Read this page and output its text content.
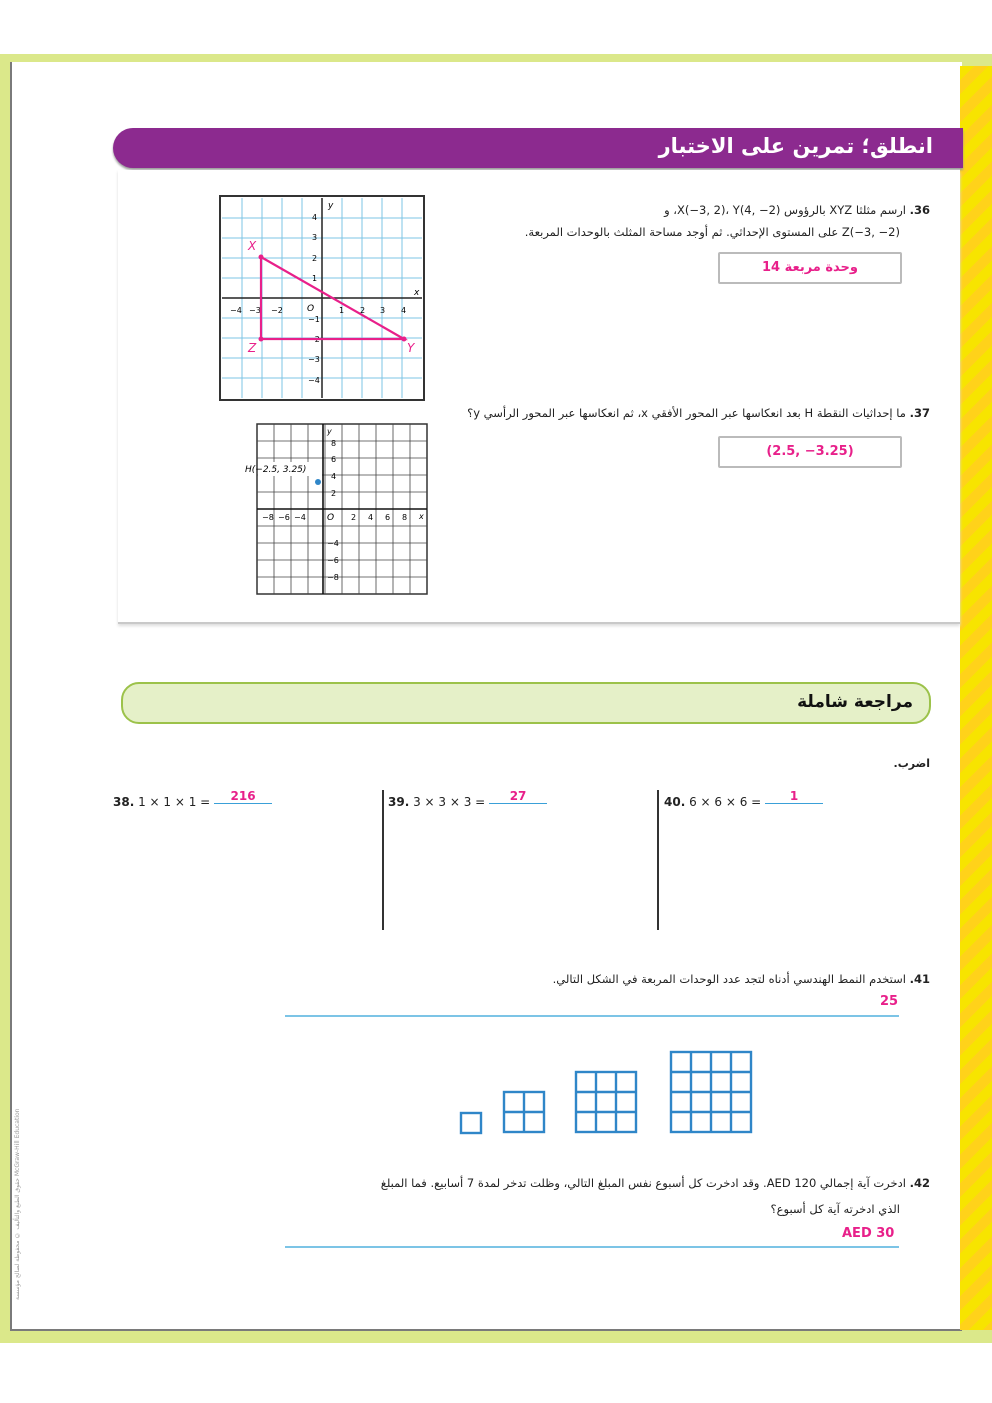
انطلق؛ تمرين على الاختبار
36. ارسم مثلثا XYZ بالرؤوس X(−3, 2)، Y(4, −2)، و
Z(−3, −2) على المستوى الإحداثي. ثم أوجد مساحة المثلث بالوحدات المربعة.
14 وحدة مربعة
y
x
O
−4 −3 −2	1 2 3 4
4
3
2
1
−1
−2
−3
−4
X
Y
Z
37. ما إحداثيات النقطة H بعد انعكاسها عبر المحور الأفقي x، ثم انعكاسها عبر المحور الرأسي y؟
(2.5, −3.25)
H(−2.5, 3.25)
y
x
O
−8 −6 −4	2 4 6 8
8
6
4
2
−4
−6
−8
مراجعة شاملة
اضرب.
38. 1 × 1 × 1 = 216	39. 3 × 3 × 3 = 27	40. 6 × 6 × 6 = 1
41. استخدم النمط الهندسي أدناه لتجد عدد الوحدات المربعة في الشكل التالي.
25
42. ادخرت آية إجمالي AED 120. وقد ادخرت كل أسبوع نفس المبلغ التالي، وظلت تدخر لمدة 7 أسابيع. فما المبلغ
الذي ادخرته آية كل أسبوع؟
AED 30
حقوق الطبع والتأليف © محفوظة لصالح مؤسسة McGraw-Hill Education
